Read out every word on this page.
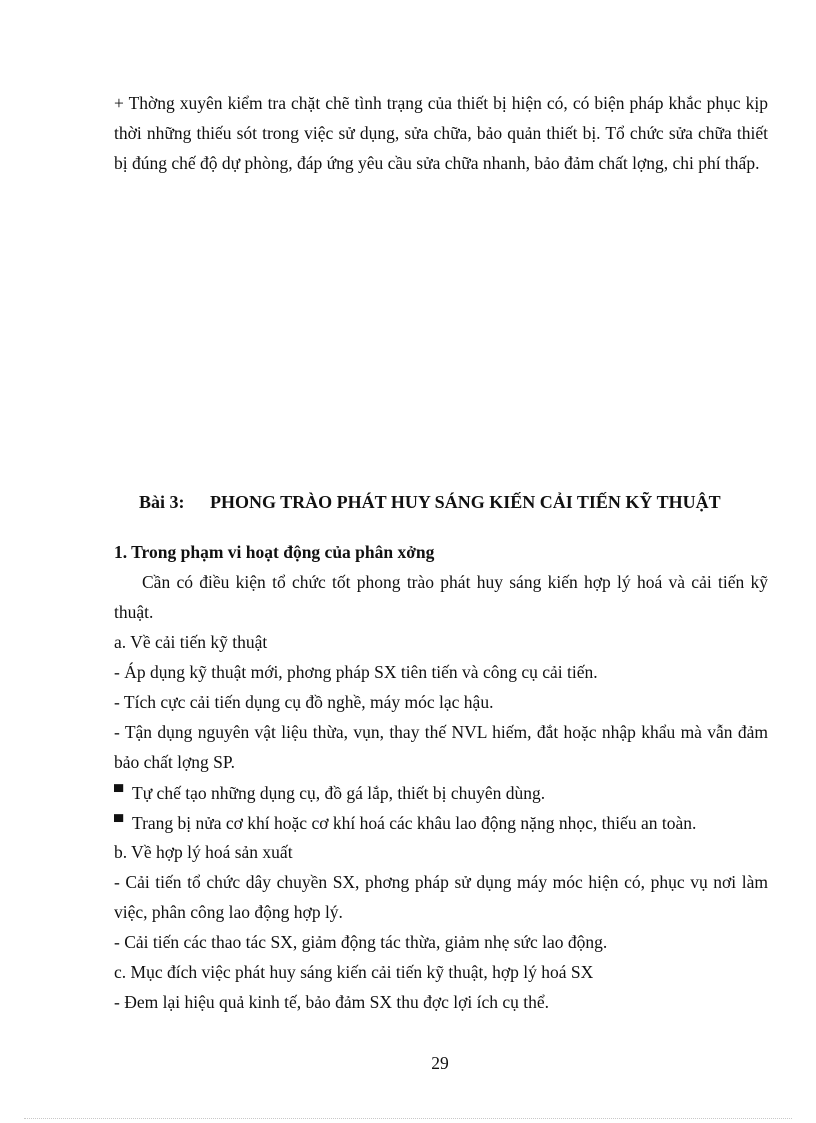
+ Thờng xuyên kiểm tra chặt chẽ tình trạng của thiết bị hiện có, có biện pháp khắc phục kịp thời những thiếu sót trong việc sử dụng, sửa chữa, bảo quản thiết bị. Tổ chức sửa chữa thiết bị đúng chế độ dự phòng, đáp ứng yêu cầu sửa chữa nhanh, bảo đảm chất lợng, chi phí thấp.

Bài 3: PHONG TRÀO PHÁT HUY SÁNG KIẾN CẢI TIẾN KỸ THUẬT
1. Trong phạm vi hoạt động của phân xởng

Cần có điều kiện tổ chức tốt phong trào phát huy sáng kiến hợp lý hoá và cải tiến kỹ thuật.

a. Về cải tiến kỹ thuật
- Áp dụng kỹ thuật mới, phơng pháp SX tiên tiến và công cụ cải tiến.
- Tích cực cải tiến dụng cụ đồ nghề, máy móc lạc hậu.

- Tận dụng nguyên vật liệu thừa, vụn, thay thế NVL hiếm, đắt hoặc nhập khẩu mà vẫn đảm bảo chất lợng SP.

▀ Tự chế tạo những dụng cụ, đồ gá lắp, thiết bị chuyên dùng.
▀ Trang bị nửa cơ khí hoặc cơ khí hoá các khâu lao động nặng nhọc, thiếu an toàn.
b. Về hợp lý hoá sản xuất

- Cải tiến tổ chức dây chuyền SX, phơng pháp sử dụng máy móc hiện có, phục vụ nơi làm việc, phân công lao động hợp lý.

- Cải tiến các thao tác SX, giảm động tác thừa, giảm nhẹ sức lao động.
c. Mục đích việc phát huy sáng kiến cải tiến kỹ thuật, hợp lý hoá SX
- Đem lại hiệu quả kinh tế, bảo đảm SX thu đợc lợi ích cụ thể.
29
